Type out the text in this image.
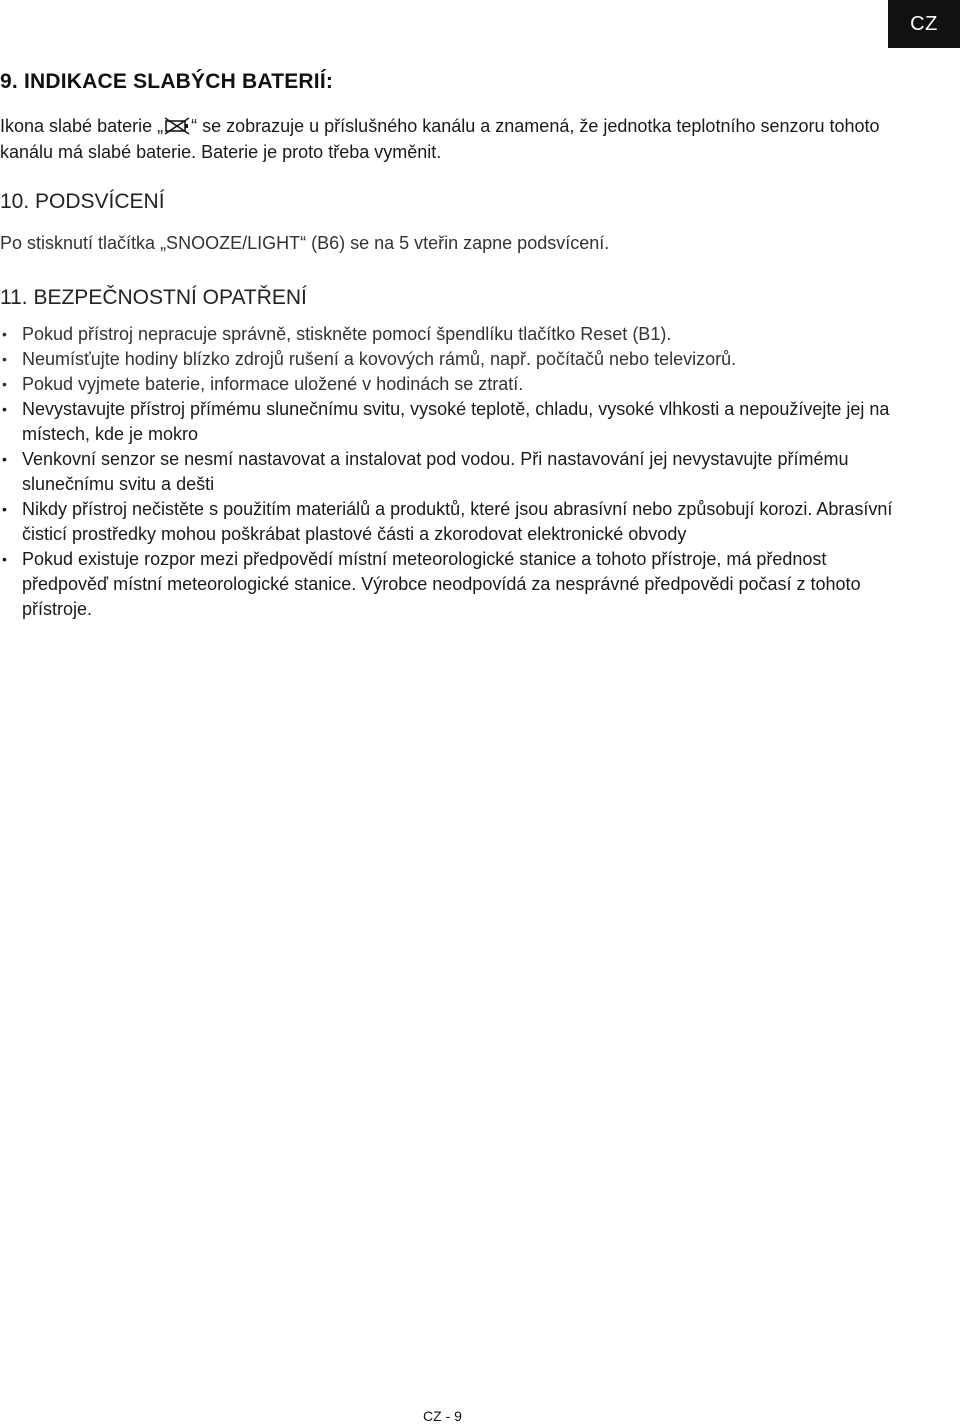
CZ
9. INDIKACE SLABÝCH BATERIÍ:
Ikona slabé baterie „ “ se zobrazuje u příslušného kanálu a znamená, že jednotka teplotního senzoru tohoto kanálu má slabé baterie. Baterie je proto třeba vyměnit.
10. PODSVÍCENÍ
Po stisknutí tlačítka „SNOOZE/LIGHT“ (B6) se na 5 vteřin zapne podsvícení.
11. BEZPEČNOSTNÍ OPATŘENÍ
• Pokud přístroj nepracuje správně, stiskněte pomocí špendlíku tlačítko Reset (B1).
• Neumísťujte hodiny blízko zdrojů rušení a kovových rámů, např. počítačů nebo televizorů.
• Pokud vyjmete baterie, informace uložené v hodinách se ztratí.
• Nevystavujte přístroj přímému slunečnímu svitu, vysoké teplotě, chladu, vysoké vlhkosti a nepoužívejte jej na místech, kde je mokro
• Venkovní senzor se nesmí nastavovat a instalovat pod vodou. Při nastavování jej nevystavujte přímému slunečnímu svitu a dešti
• Nikdy přístroj nečistěte s použitím materiálů a produktů, které jsou abrasívní nebo způsobují korozi. Abrasívní čisticí prostředky mohou poškrábat plastové části a zkorodovat elektronické obvody
• Pokud existuje rozpor mezi předpovědí místní meteorologické stanice a tohoto přístroje, má přednost předpověď místní meteorologické stanice. Výrobce neodpovídá za nesprávné předpovědi počasí z tohoto přístroje.
CZ - 9
